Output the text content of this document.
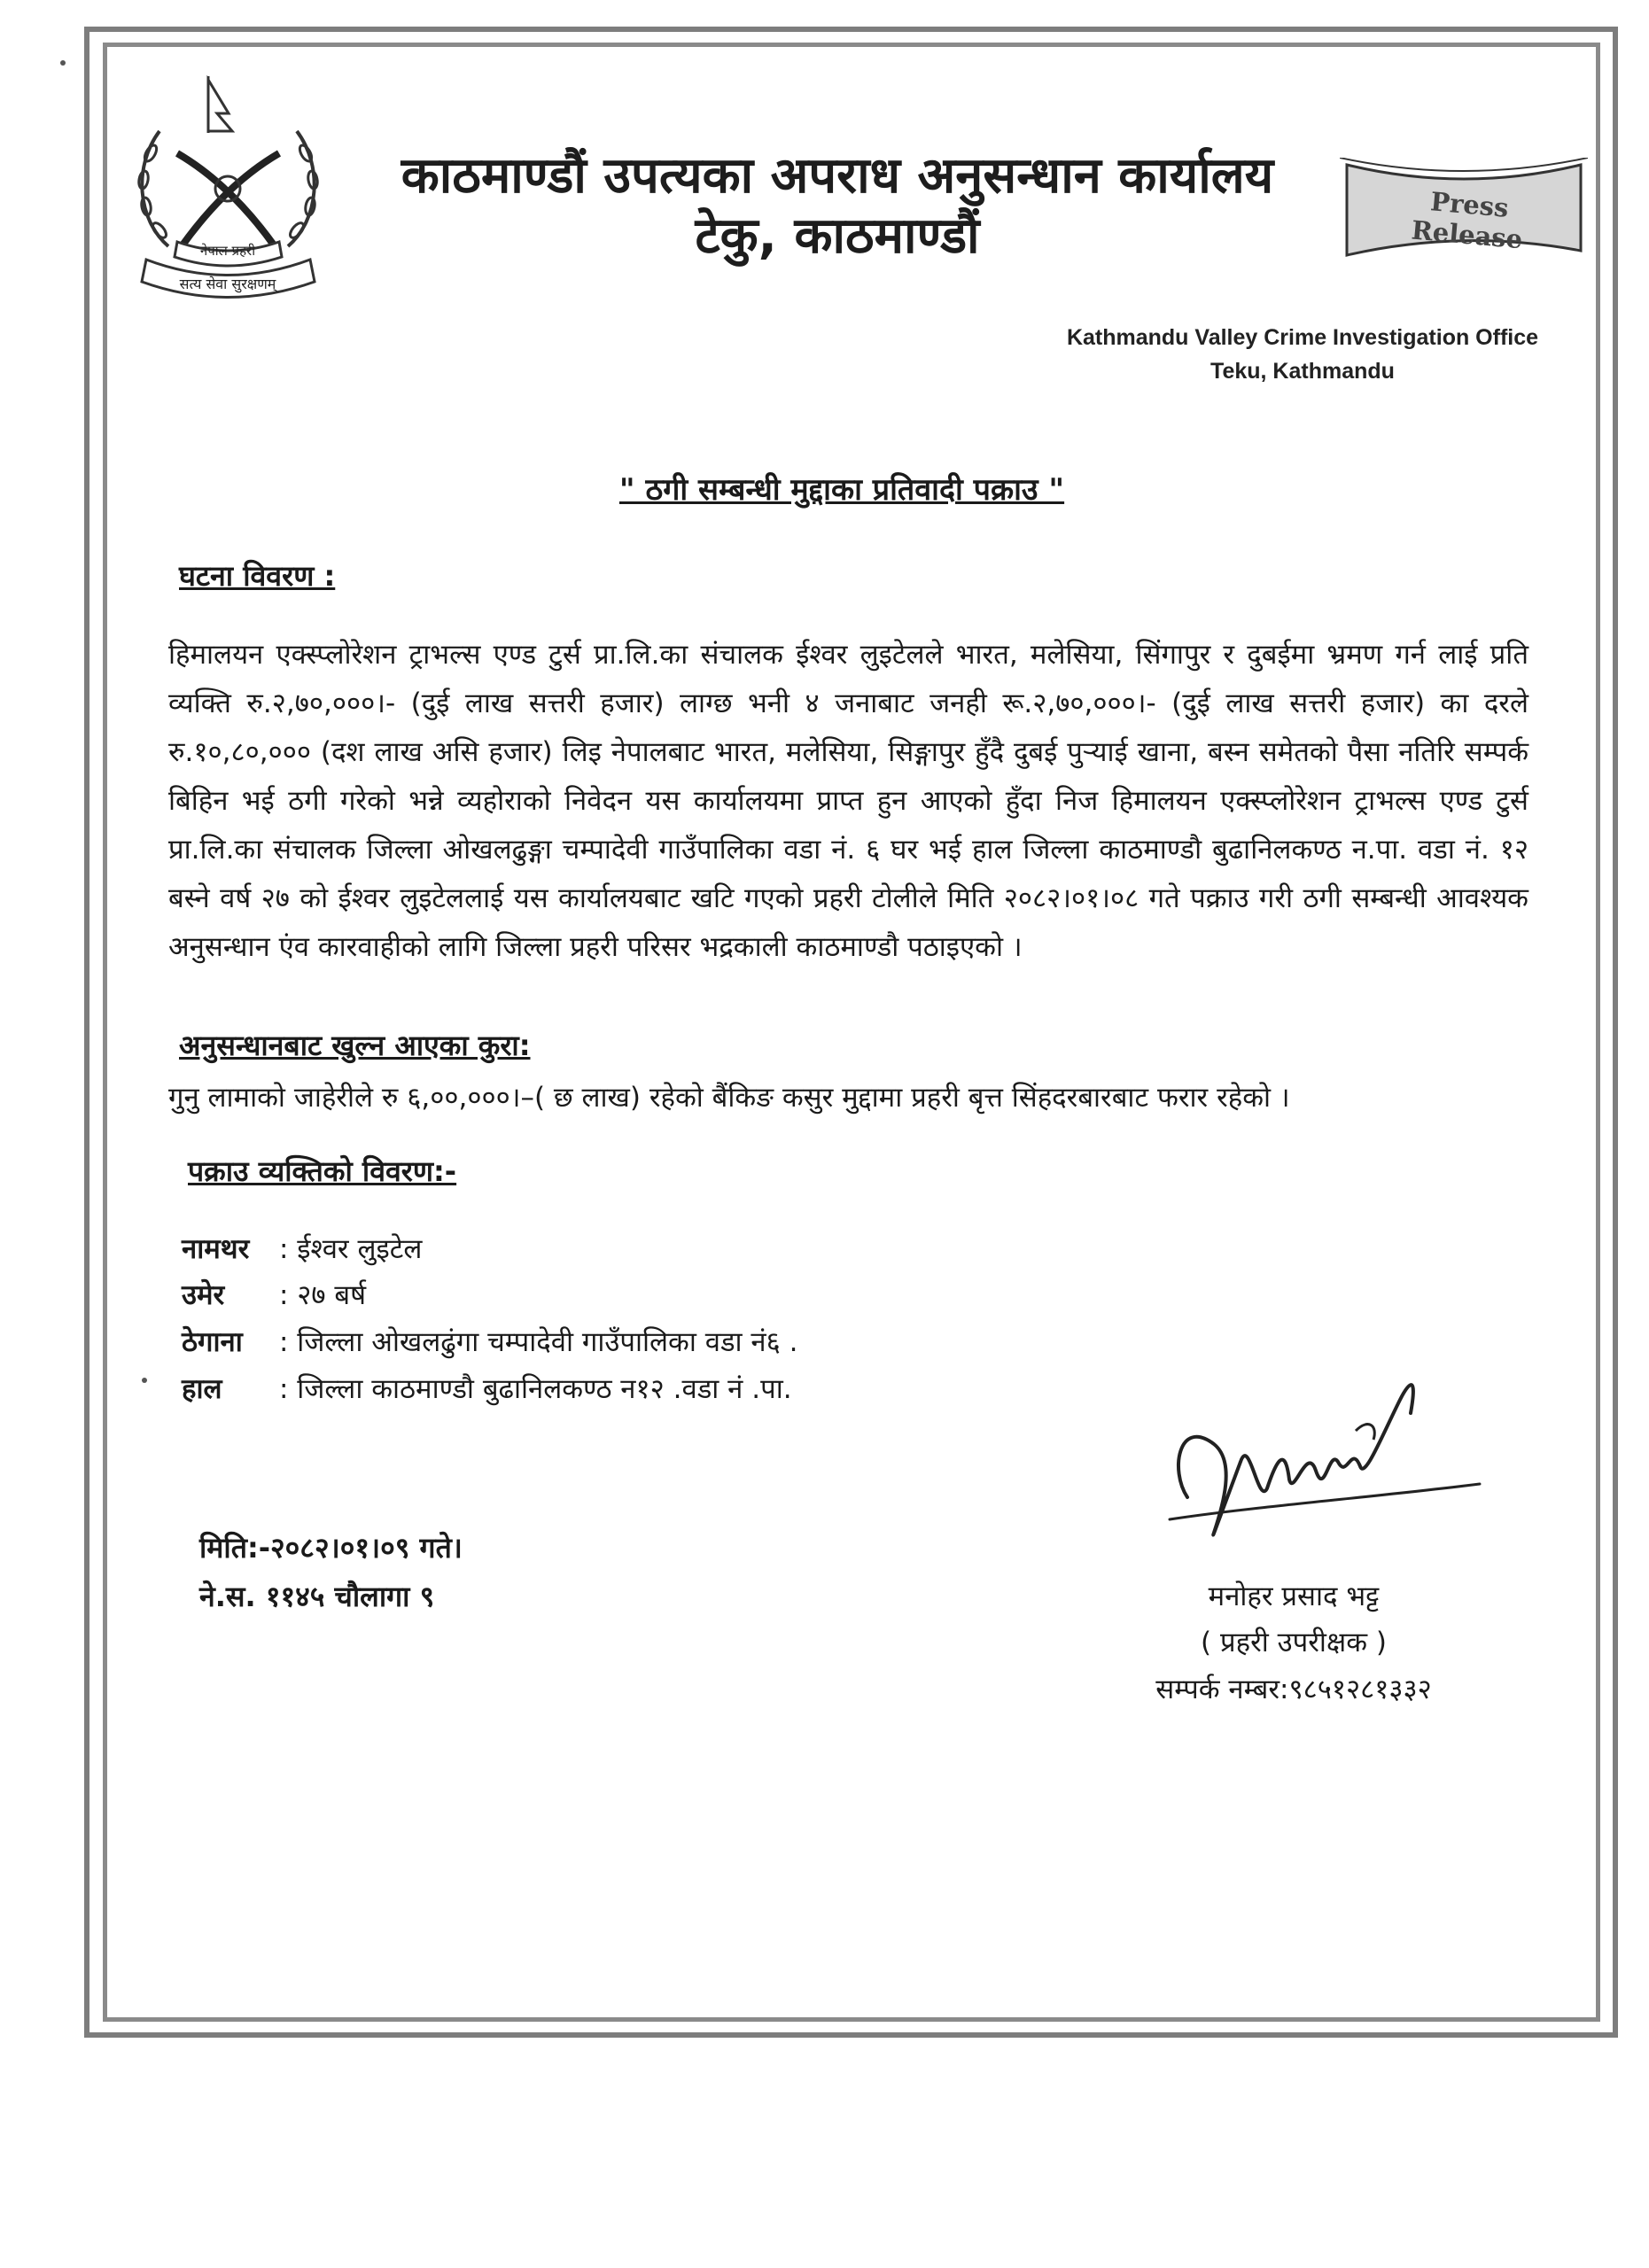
नेपाल प्रहरी
सत्य सेवा सुरक्षणम्
काठमाण्डौं उपत्यका अपराध अनुसन्धान कार्यालय
टेकु, काठमाण्डौं
Press Release
Kathmandu Valley Crime Investigation Office
Teku, Kathmandu
" ठगी सम्बन्धी मुद्दाका प्रतिवादी पक्राउ "
घटना विवरण :
हिमालयन एक्स्प्लोरेशन ट्राभल्स एण्ड टुर्स प्रा.लि.का संचालक ईश्वर लुइटेलले भारत, मलेसिया, सिंगापुर र दुबईमा भ्रमण गर्न लाई प्रति व्यक्ति रु.२,७०,०००।- (दुई लाख सत्तरी हजार) लाग्छ भनी ४ जनाबाट जनही रू.२,७०,०००।- (दुई लाख सत्तरी हजार) का दरले रु.१०,८०,००० (दश लाख असि हजार) लिइ नेपालबाट भारत, मलेसिया, सिङ्गापुर हुँदै दुबई पुऱ्याई खाना, बस्न समेतको पैसा नतिरि सम्पर्क बिहिन भई ठगी गरेको भन्ने व्यहोराको निवेदन यस कार्यालयमा प्राप्त हुन आएको हुँदा निज हिमालयन एक्स्प्लोरेशन ट्राभल्स एण्ड टुर्स प्रा.लि.का संचालक जिल्ला ओखलढुङ्गा चम्पादेवी गाउँपालिका वडा नं. ६ घर भई हाल जिल्ला काठमाण्डौ बुढानिलकण्ठ न.पा. वडा नं. १२ बस्ने वर्ष २७ को ईश्वर लुइटेललाई यस कार्यालयबाट खटि गएको प्रहरी टोलीले मिति २०८२।०१।०८ गते पक्राउ गरी ठगी सम्बन्धी आवश्यक अनुसन्धान एंव कारवाहीको लागि जिल्ला प्रहरी परिसर भद्रकाली काठमाण्डौ पठाइएको ।
अनुसन्धानबाट खुल्न आएका कुरा:
गुनु लामाको जाहेरीले रु ६,००,०००।–( छ लाख) रहेको बैंकिङ कसुर मुद्दामा प्रहरी बृत्त सिंहदरबारबाट फरार रहेको ।
पक्राउ व्यक्तिको विवरण:-
नामथर : ईश्वर लुइटेल
उमेर : २७ बर्ष
ठेगाना : जिल्ला ओखलढुंगा चम्पादेवी गाउँपालिका वडा नं६ .
हाल : जिल्ला काठमाण्डौ बुढानिलकण्ठ न१२ .वडा नं .पा.
मिति:-२०८२।०१।०९ गते।
ने.स. ११४५ चौलागा ९	मनोहर प्रसाद भट्ट
( प्रहरी उपरीक्षक )
सम्पर्क नम्बर:९८५१२८१३३२
